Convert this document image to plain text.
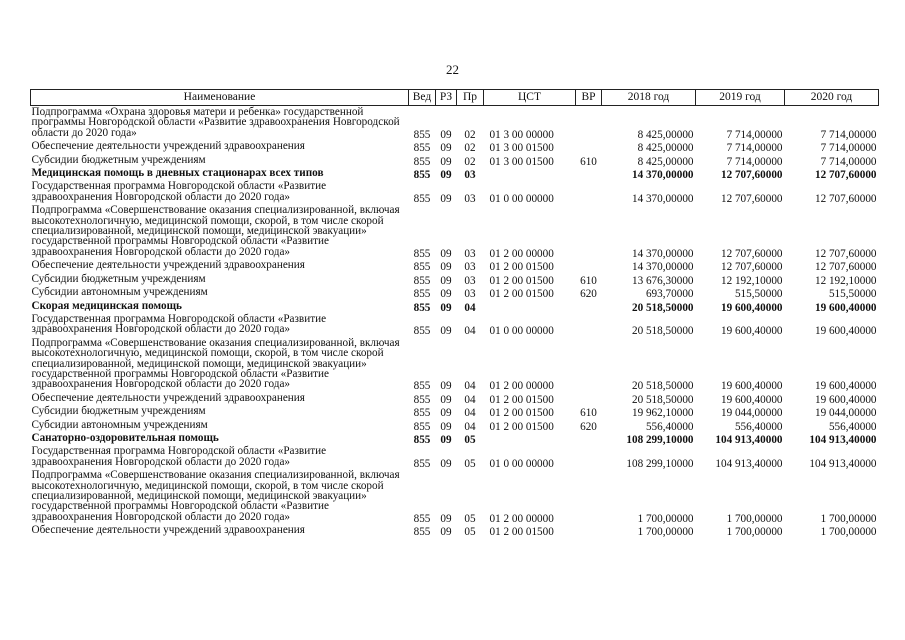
22
Наименование	Вед	РЗ	Пр	ЦСТ	ВР	2018 год	2019 год	2020 год
Подпрограмма «Охрана здоровья матери и ребенка» государственной программы Новгородской области «Развитие здравоохранения Новгородской области до 2020 года»	855	09	02	01 3 00 00000		8 425,00000	7 714,00000	7 714,00000
Обеспечение деятельности учреждений здравоохранения	855	09	02	01 3 00 01500		8 425,00000	7 714,00000	7 714,00000
Субсидии бюджетным учреждениям	855	09	02	01 3 00 01500	610	8 425,00000	7 714,00000	7 714,00000
Медицинская помощь в дневных стационарах всех типов	855	09	03			14 370,00000	12 707,60000	12 707,60000
Государственная программа Новгородской области «Развитие здравоохранения Новгородской области до 2020 года»	855	09	03	01 0 00 00000		14 370,00000	12 707,60000	12 707,60000
Подпрограмма «Совершенствование оказания специализированной, включая высокотехнологичную, медицинской помощи, скорой, в том числе скорой специализированной, медицинской помощи, медицинской эвакуации» государственной программы Новгородской области «Развитие здравоохранения Новгородской области до 2020 года»	855	09	03	01 2 00 00000		14 370,00000	12 707,60000	12 707,60000
Обеспечение деятельности учреждений здравоохранения	855	09	03	01 2 00 01500		14 370,00000	12 707,60000	12 707,60000
Субсидии бюджетным учреждениям	855	09	03	01 2 00 01500	610	13 676,30000	12 192,10000	12 192,10000
Субсидии автономным учреждениям	855	09	03	01 2 00 01500	620	693,70000	515,50000	515,50000
Скорая медицинская помощь	855	09	04			20 518,50000	19 600,40000	19 600,40000
Государственная программа Новгородской области «Развитие здравоохранения Новгородской области до 2020 года»	855	09	04	01 0 00 00000		20 518,50000	19 600,40000	19 600,40000
Подпрограмма «Совершенствование оказания специализированной, включая высокотехнологичную, медицинской помощи, скорой, в том числе скорой специализированной, медицинской помощи, медицинской эвакуации» государственной программы Новгородской области «Развитие здравоохранения Новгородской области до 2020 года»	855	09	04	01 2 00 00000		20 518,50000	19 600,40000	19 600,40000
Обеспечение деятельности учреждений здравоохранения	855	09	04	01 2 00 01500		20 518,50000	19 600,40000	19 600,40000
Субсидии бюджетным учреждениям	855	09	04	01 2 00 01500	610	19 962,10000	19 044,00000	19 044,00000
Субсидии автономным учреждениям	855	09	04	01 2 00 01500	620	556,40000	556,40000	556,40000
Санаторно-оздоровительная помощь	855	09	05			108 299,10000	104 913,40000	104 913,40000
Государственная программа Новгородской области «Развитие здравоохранения Новгородской области до 2020 года»	855	09	05	01 0 00 00000		108 299,10000	104 913,40000	104 913,40000
Подпрограмма «Совершенствование оказания специализированной, включая высокотехнологичную, медицинской помощи, скорой, в том числе скорой специализированной, медицинской помощи, медицинской эвакуации» государственной программы Новгородской области «Развитие здравоохранения Новгородской области до 2020 года»	855	09	05	01 2 00 00000		1 700,00000	1 700,00000	1 700,00000
Обеспечение деятельности учреждений здравоохранения	855	09	05	01 2 00 01500		1 700,00000	1 700,00000	1 700,00000
